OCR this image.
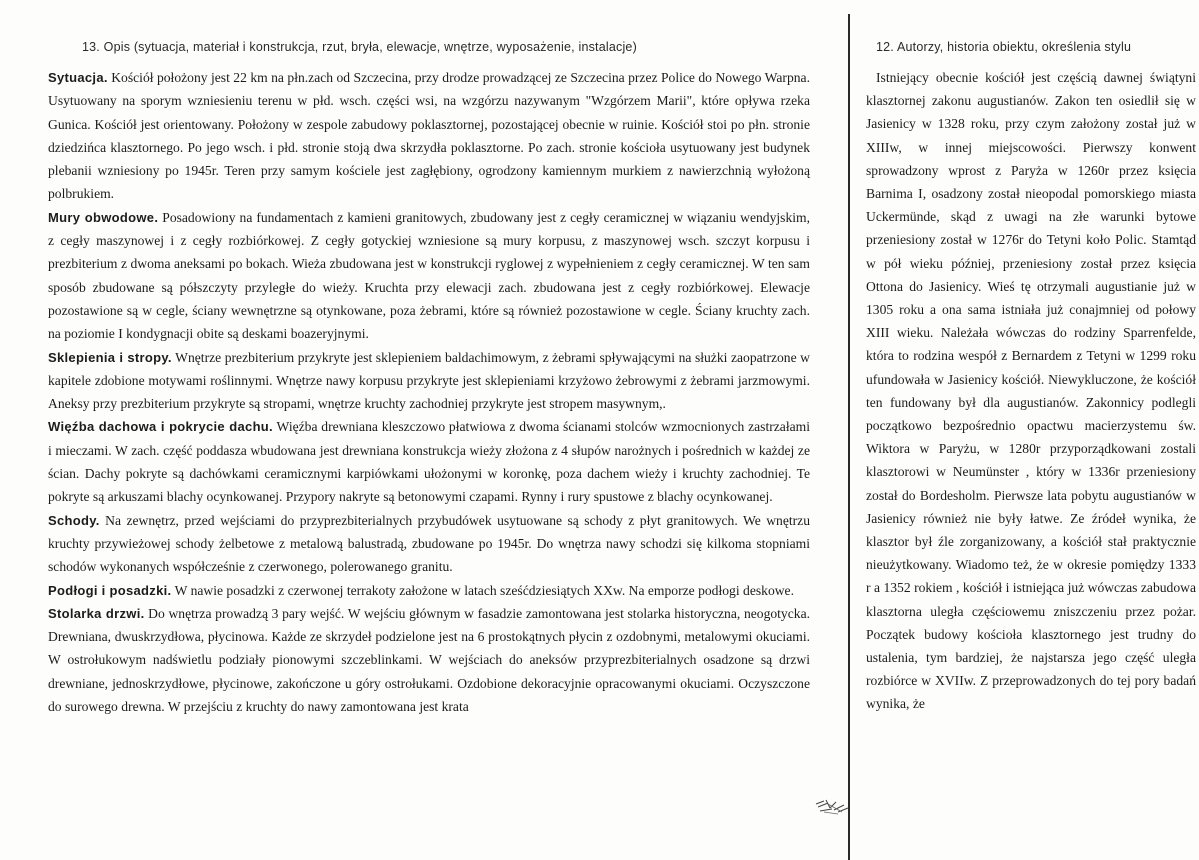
13. Opis (sytuacja, materiał i konstrukcja, rzut, bryła, elewacje, wnętrze, wyposażenie, instalacje)

Sytuacja. Kościół położony jest 22 km na płn.zach od Szczecina, przy drodze prowadzącej ze Szczecina przez Police do Nowego Warpna. Usytuowany na sporym wzniesieniu terenu w płd. wsch. części wsi, na wzgórzu nazywanym "Wzgórzem Marii", które opływa rzeka Gunica. Kościół jest orientowany. Położony w zespole zabudowy poklasztornej, pozostającej obecnie w ruinie. Kościół stoi po płn. stronie dziedzińca klasztornego. Po jego wsch. i płd. stronie stoją dwa skrzydła poklasztorne. Po zach. stronie kościoła usytuowany jest budynek plebanii wzniesiony po 1945r. Teren przy samym kościele jest zagłębiony, ogrodzony kamiennym murkiem z nawierzchnią wyłożoną polbrukiem.

Mury obwodowe. Posadowiony na fundamentach z kamieni granitowych, zbudowany jest z cegły ceramicznej w wiązaniu wendyjskim, z cegły maszynowej i z cegły rozbiórkowej. Z cegły gotyckiej wzniesione są mury korpusu, z maszynowej wsch. szczyt korpusu i prezbiterium z dwoma aneksami po bokach. Wieża zbudowana jest w konstrukcji ryglowej z wypełnieniem z cegły ceramicznej. W ten sam sposób zbudowane są półszczyty przyległe do wieży. Kruchta przy elewacji zach. zbudowana jest z cegły rozbiórkowej. Elewacje pozostawione są w cegle, ściany wewnętrzne są otynkowane, poza żebrami, które są również pozostawione w cegle. Ściany kruchty zach. na poziomie I kondygnacji obite są deskami boazeryjnymi.

Sklepienia i stropy. Wnętrze prezbiterium przykryte jest sklepieniem baldachimowym, z żebrami spływającymi na służki zaopatrzone w kapitele zdobione motywami roślinnymi. Wnętrze nawy korpusu przykryte jest sklepieniami krzyżowo żebrowymi z żebrami jarzmowymi. Aneksy przy prezbiterium przykryte są stropami, wnętrze kruchty zachodniej przykryte jest stropem masywnym,.

Więźba dachowa i pokrycie dachu. Więźba drewniana kleszczowo płatwiowa z dwoma ścianami stolców wzmocnionych zastrzałami i mieczami. W zach. część poddasza wbudowana jest drewniana konstrukcja wieży złożona z 4 słupów narożnych i pośrednich w każdej ze ścian. Dachy pokryte są dachówkami ceramicznymi karpiówkami ułożonymi w koronkę, poza dachem wieży i kruchty zachodniej. Te pokryte są arkuszami blachy ocynkowanej. Przypory nakryte są betonowymi czapami. Rynny i rury spustowe z blachy ocynkowanej.

Schody. Na zewnętrz, przed wejściami do przyprezbiterialnych przybudówek usytuowane są schody z płyt granitowych. We wnętrzu kruchty przywieżowej schody żelbetowe z metalową balustradą, zbudowane po 1945r. Do wnętrza nawy schodzi się kilkoma stopniami schodów wykonanych współcześnie z czerwonego, polerowanego granitu.

Podłogi i posadzki. W nawie posadzki z czerwonej terrakoty założone w latach sześćdziesiątych XXw. Na emporze podłogi deskowe.

Stolarka drzwi. Do wnętrza prowadzą 3 pary wejść. W wejściu głównym w fasadzie zamontowana jest stolarka historyczna, neogotycka. Drewniana, dwuskrzydłowa, płycinowa. Każde ze skrzydeł podzielone jest na 6 prostokątnych płycin z ozdobnymi, metalowymi okuciami. W ostrołukowym nadświetlu podziały pionowymi szczeblinkami. W wejściach do aneksów przyprezbiterialnych osadzone są drzwi drewniane, jednoskrzydłowe, płycinowe, zakończone u góry ostrołukami. Ozdobione dekoracyjnie opracowanymi okuciami. Oczyszczone do surowego drewna. W przejściu z kruchty do nawy zamontowana jest krata

12. Autorzy, historia obiektu, określenia stylu

Istniejący obecnie kościół jest częścią dawnej świątyni klasztornej zakonu augustianów. Zakon ten osiedlił się w Jasienicy w 1328 roku, przy czym założony został już w XIIIw, w innej miejscowości. Pierwszy konwent sprowadzony wprost z Paryża w 1260r przez księcia Barnima I, osadzony został nieopodal pomorskiego miasta Uckermünde, skąd z uwagi na złe warunki bytowe przeniesiony został w 1276r do Tetyni koło Polic. Stamtąd w pół wieku później, przeniesiony został przez księcia Ottona do Jasienicy. Wieś tę otrzymali augustianie już w 1305 roku a ona sama istniała już conajmniej od połowy XIII wieku. Należała wówczas do rodziny Sparrenfelde, która to rodzina wespół z Bernardem z Tetyni w 1299 roku ufundowała w Jasienicy kościół. Niewykluczone, że kościół ten fundowany był dla augustianów. Zakonnicy podlegli początkowo bezpośrednio opactwu macierzystemu św. Wiktora w Paryżu, w 1280r przyporządkowani zostali klasztorowi w Neumünster , który w 1336r przeniesiony został do Bordesholm. Pierwsze lata pobytu augustianów w Jasienicy również nie były łatwe. Ze źródeł wynika, że klasztor był źle zorganizowany, a kościół stał praktycznie nieużytkowany. Wiadomo też, że w okresie pomiędzy 1333 r a 1352 rokiem , kościół i istniejąca już wówczas zabudowa klasztorna uległa częściowemu zniszczeniu przez pożar. Początek budowy kościoła klasztornego jest trudny do ustalenia, tym bardziej, że najstarsza jego część uległa rozbiórce w XVIIw. Z przeprowadzonych do tej pory badań wynika, że
